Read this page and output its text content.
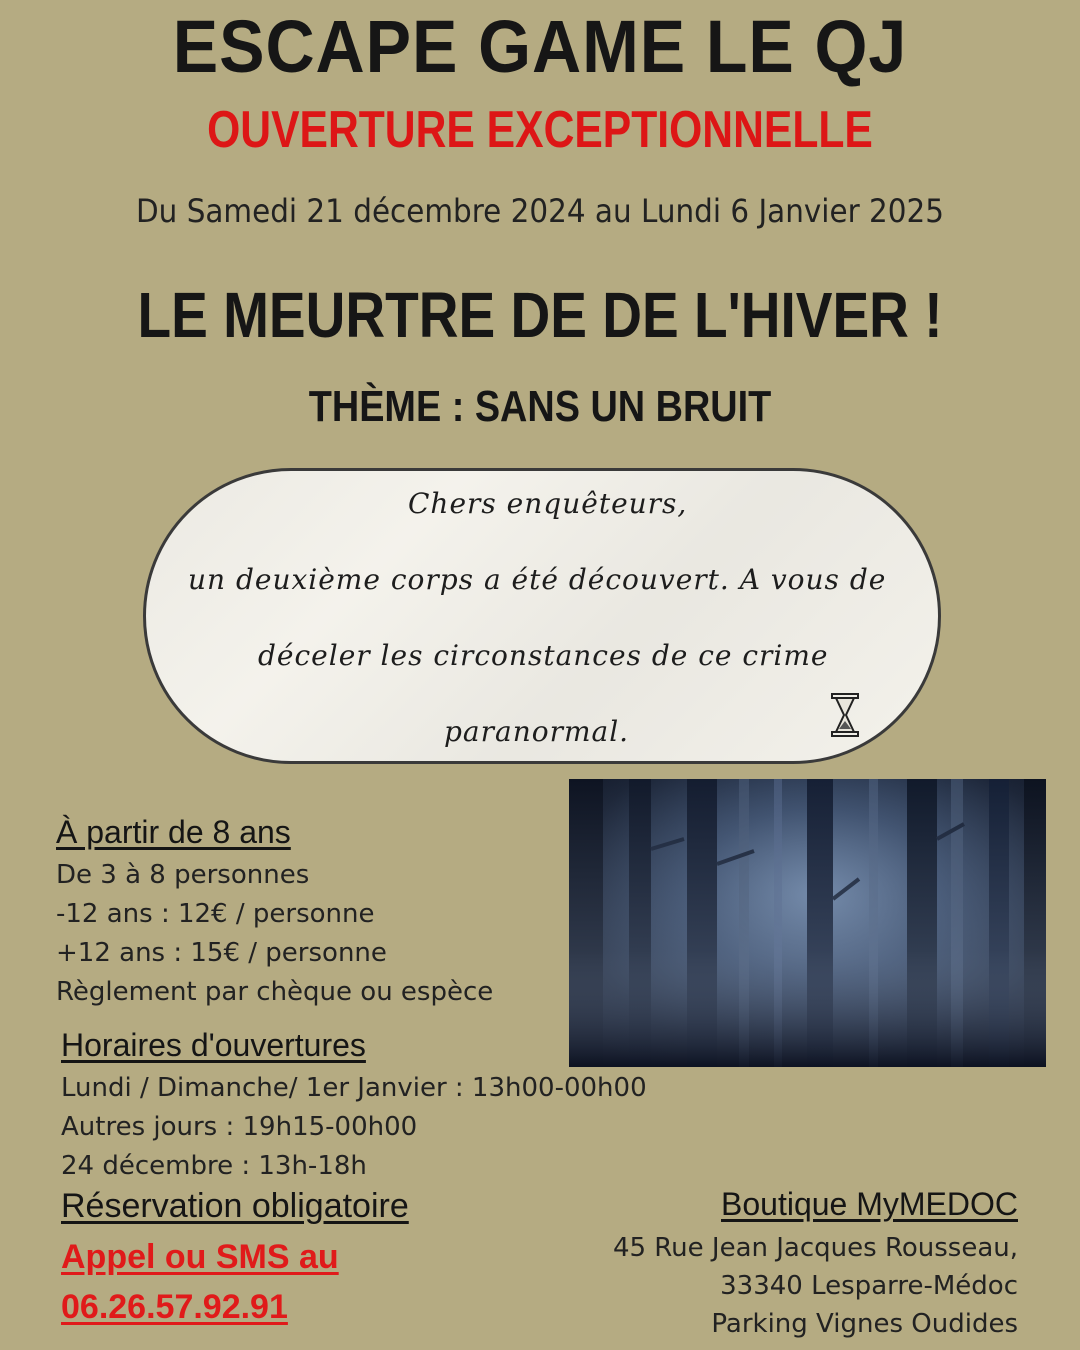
ESCAPE GAME LE QJ
OUVERTURE EXCEPTIONNELLE
Du Samedi 21 décembre 2024 au Lundi 6 Janvier 2025
LE MEURTRE DE DE L'HIVER !
THÈME : SANS UN BRUIT
Chers enquêteurs,
un deuxième corps a été découvert. A vous de
déceler les circonstances de ce crime
paranormal.
À partir de 8 ans
De 3 à 8 personnes
-12 ans : 12€ / personne
+12 ans : 15€ / personne
Règlement par chèque ou espèce
Horaires d'ouvertures
Lundi / Dimanche/ 1er Janvier : 13h00-00h00
Autres jours : 19h15-00h00
24 décembre : 13h-18h
Réservation obligatoire
Appel ou SMS au
06.26.57.92.91
Boutique MyMEDOC
45 Rue Jean Jacques Rousseau,
33340 Lesparre-Médoc
Parking Vignes Oudides
